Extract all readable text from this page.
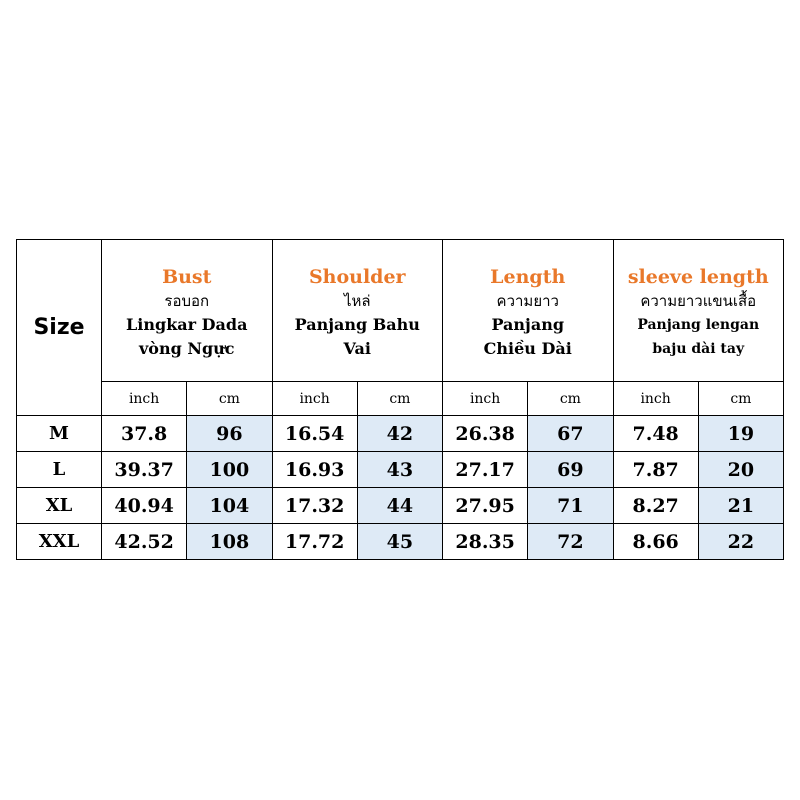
Size	Bust
รอบอก
Lingkar Dada
vòng Ngực		Shoulder
ไหล่
Panjang Bahu
Vai		Length
ความยาว
Panjang
Chiều Dài		sleeve length
ความยาวแขนเสื้อ
Panjang lengan
baju dài tay	

	inch	cm	inch	cm	inch	cm	inch	cm
M	37.8	96	16.54	42	26.38	67	7.48	19
L	39.37	100	16.93	43	27.17	69	7.87	20
XL	40.94	104	17.32	44	27.95	71	8.27	21
XXL	42.52	108	17.72	45	28.35	72	8.66	22
